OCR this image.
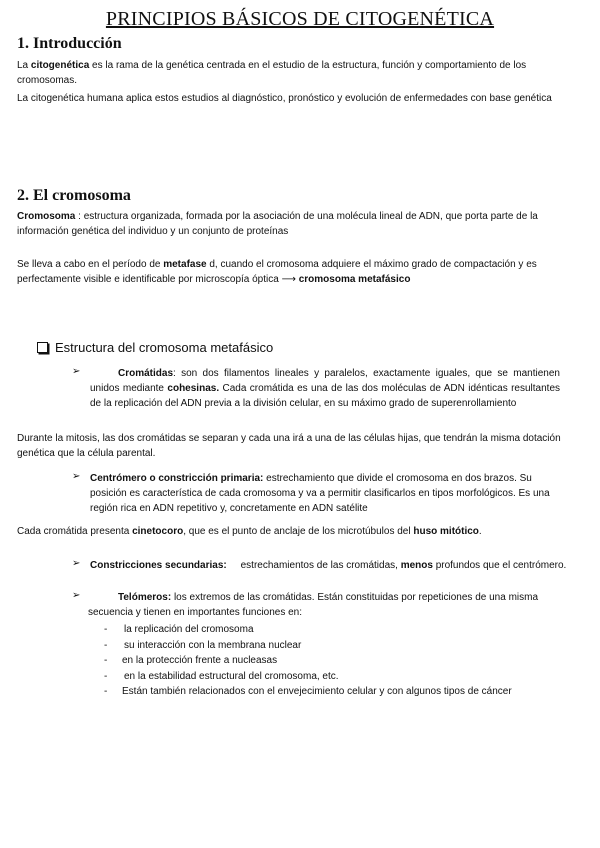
PRINCIPIOS BÁSICOS DE CITOGENÉTICA
1. Introducción
La citogenética es la rama de la genética centrada en el estudio de la estructura, función y comportamiento de los cromosomas.
La citogenética humana aplica estos estudios al diagnóstico, pronóstico y evolución de enfermedades con base genética
2. El cromosoma
Cromosoma : estructura organizada, formada por la asociación de una molécula lineal de ADN, que porta parte de la información genética del individuo y un conjunto de proteínas
Se lleva a cabo en el período de metafase d, cuando el cromosoma adquiere el máximo grado de compactación y es perfectamente visible e identificable por microscopía óptica ⟶ cromosoma metafásico
Estructura del cromosoma metafásico
➢	Cromátidas: son dos filamentos lineales y paralelos, exactamente iguales, que se mantienen unidos mediante cohesinas. Cada cromátida es una de las dos moléculas de ADN idénticas resultantes de la replicación del ADN previa a la división celular, en su máximo grado de superenrollamiento
Durante la mitosis, las dos cromátidas se separan y cada una irá a una de las células hijas, que tendrán la misma dotación genética que la célula parental.
➢ Centrómero o constricción primaria: estrechamiento que divide el cromosoma en dos brazos. Su posición es característica de cada cromosoma y va a permitir clasificarlos en tipos morfológicos. Es una región rica en ADN repetitivo y, concretamente en ADN satélite
Cada cromátida presenta cinetocoro, que es el punto de anclaje de los microtúbulos del huso mitótico.
➢ Constricciones secundarias:     estrechamientos de las cromátidas, menos profundos que el centrómero.
➢	Telómeros: los extremos de las cromátidas. Están constituidas por repeticiones de una misma secuencia y tienen en importantes funciones en:
- la replicación del cromosoma
- su interacción con la membrana nuclear
- en la protección frente a nucleasas
- en la estabilidad estructural del cromosoma, etc.
- Están también relacionados con el envejecimiento celular y con algunos tipos de cáncer
